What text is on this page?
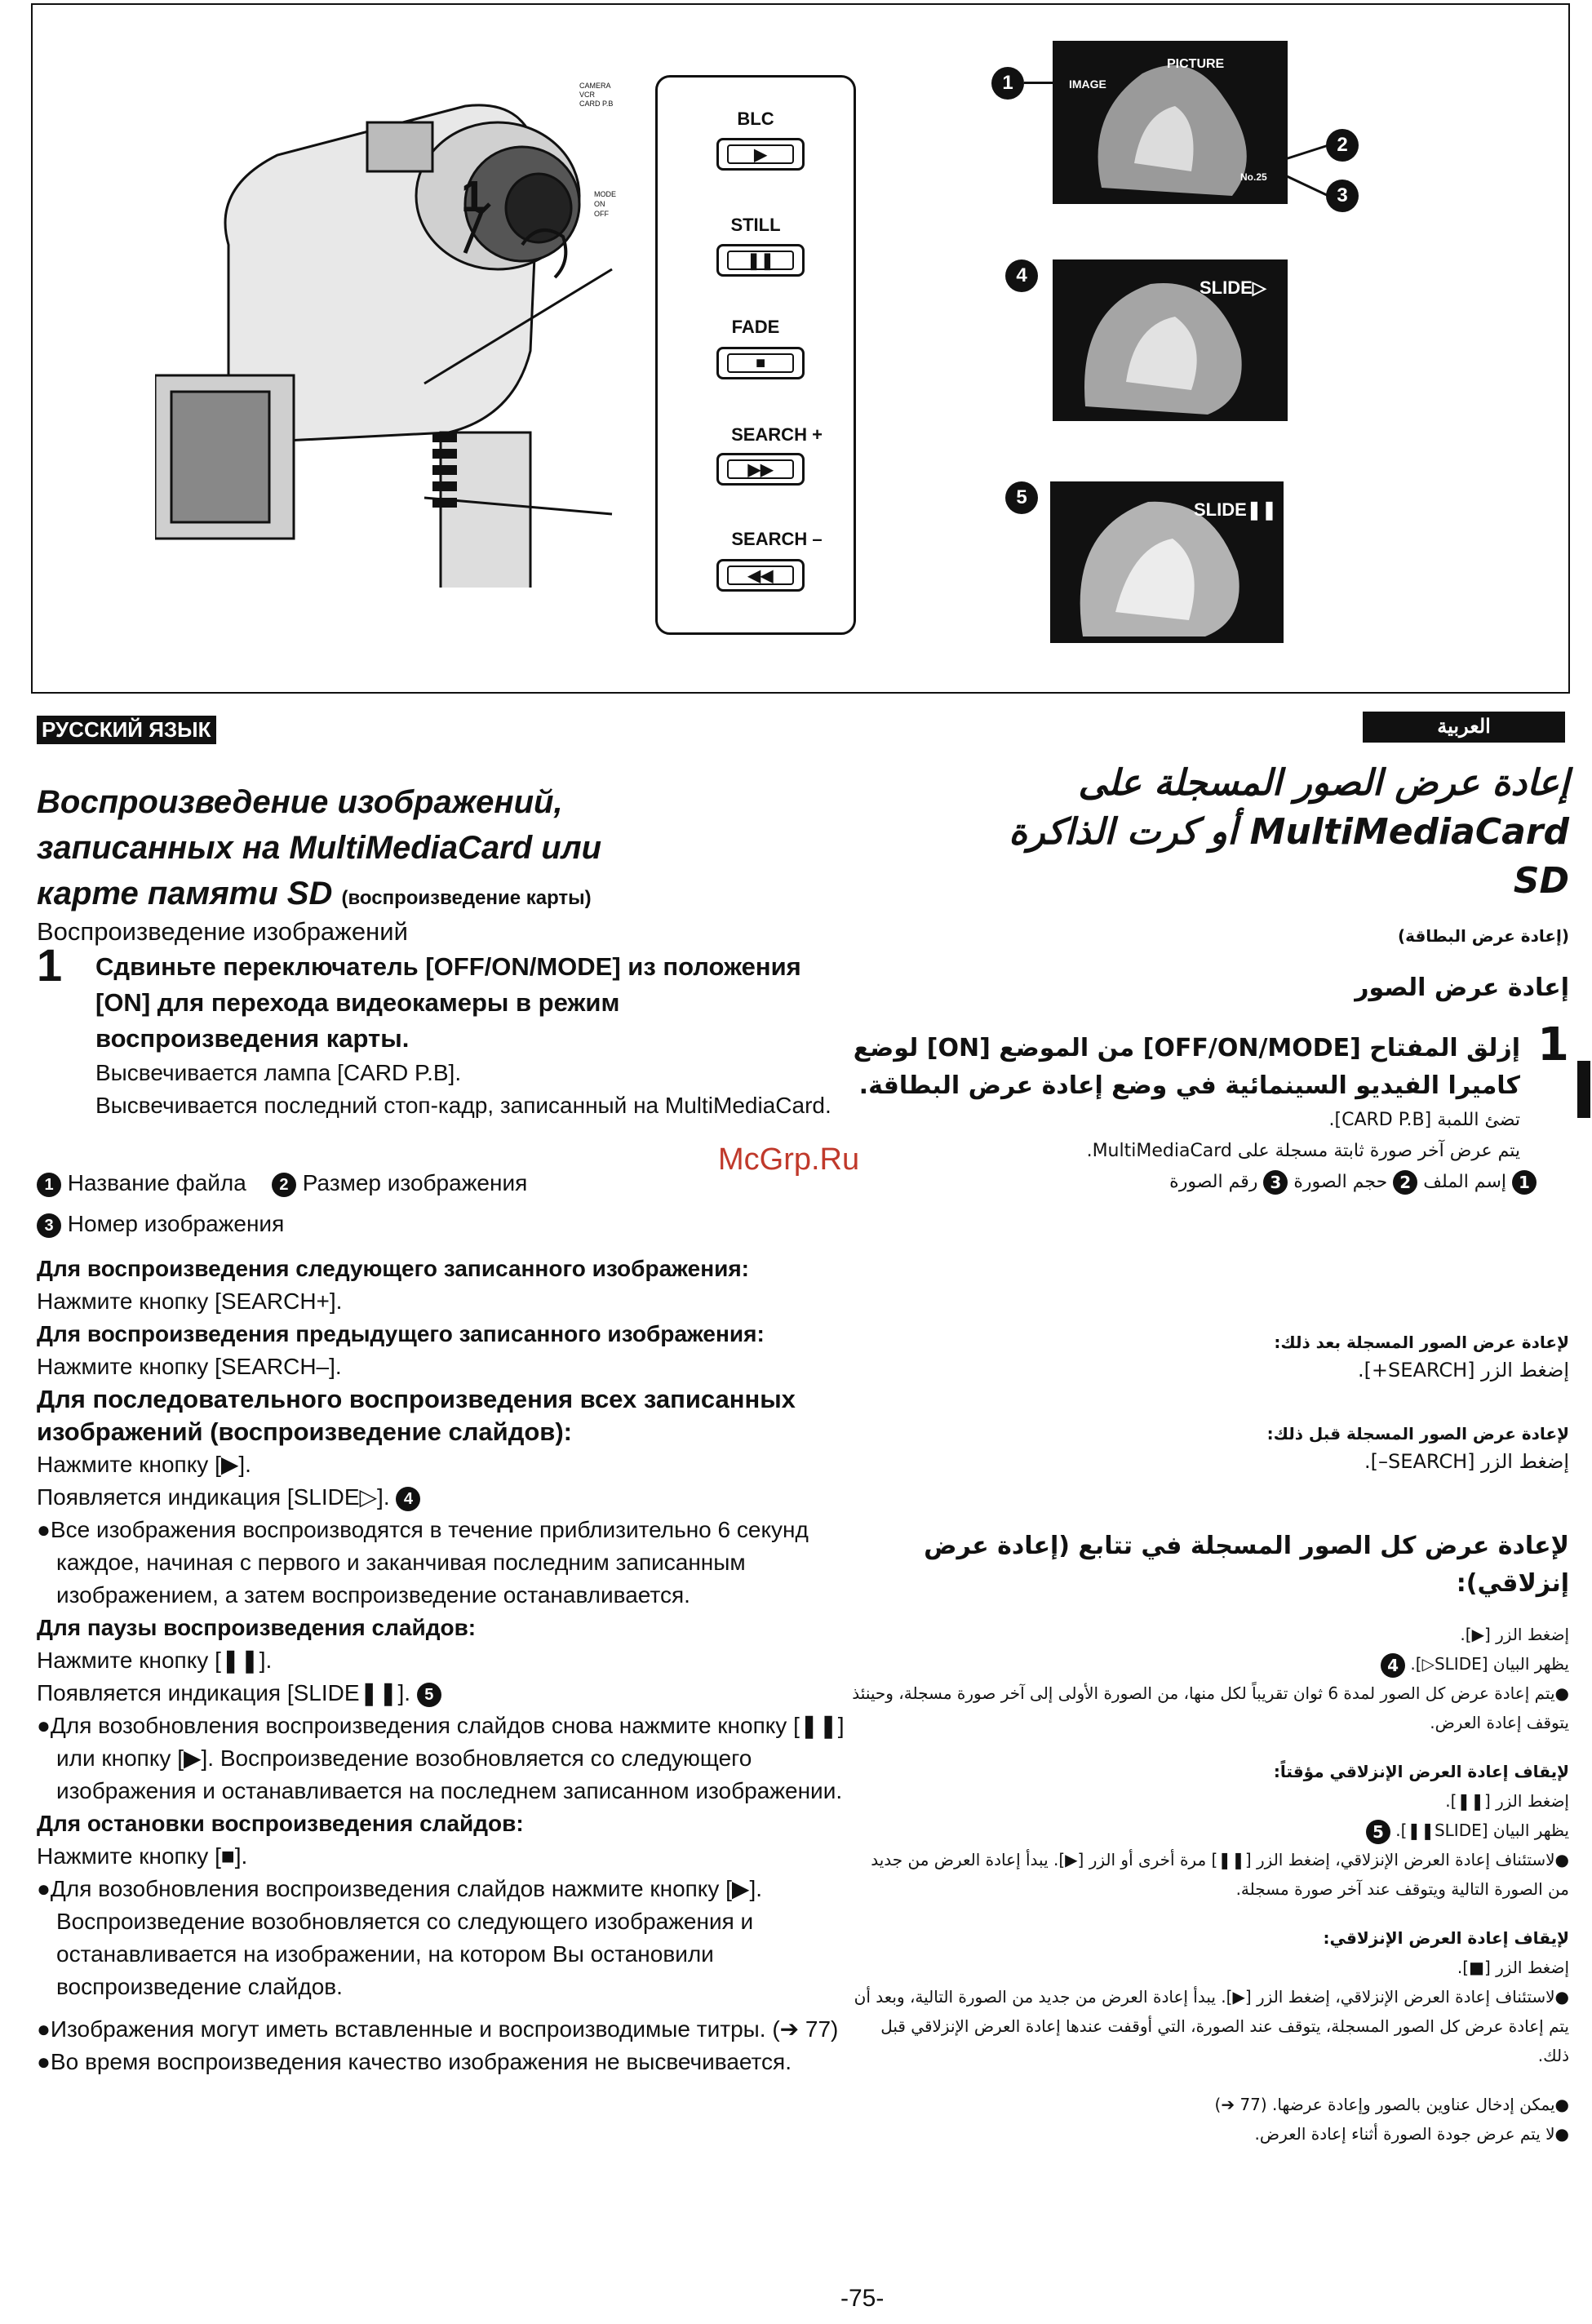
1
CAMERA
VCR
CARD P.B
MODE
ON
OFF
BLC
▶
STILL
❚❚
FADE
■
SEARCH +
▶▶
SEARCH –
◀◀
PICTURE
IMAGE
No.25
SLIDE▷
SLIDE❚❚
1
2
3
4
5
РУССКИЙ ЯЗЫК	العربية
Воспроизведение изображений,
записанных на MultiMediaCard или
карте памяти SD (воспроизведение карты)
Воспроизведение изображений
1 Сдвиньте переключатель [OFF/ON/MODE] из положения [ON] для перехода видеокамеры в режим воспроизведения карты.
Высвечивается лампа [CARD P.B].
Высвечивается последний стоп-кадр, записанный на MultiMediaCard.
1 Название файла 2 Размер изображения
3 Номер изображения
Для воспроизведения следующего записанного изображения:
Нажмите кнопку [SEARCH+].
Для воспроизведения предыдущего записанного изображения:
Нажмите кнопку [SEARCH–].
Для последовательного воспроизведения всех записанных изображений (воспроизведение слайдов):
Нажмите кнопку [▶].
Появляется индикация [SLIDE▷]. 4
●Все изображения воспроизводятся в течение приблизительно 6 секунд каждое, начиная с первого и заканчивая последним записанным изображением, а затем воспроизведение останавливается.
Для паузы воспроизведения слайдов:
Нажмите кнопку [❚❚].
Появляется индикация [SLIDE❚❚]. 5
●Для возобновления воспроизведения слайдов снова нажмите кнопку [❚❚] или кнопку [▶]. Воспроизведение возобновляется со следующего изображения и останавливается на последнем записанном изображении.
Для остановки воспроизведения слайдов:
Нажмите кнопку [■].
●Для возобновления воспроизведения слайдов нажмите кнопку [▶]. Воспроизведение возобновляется со следующего изображения и останавливается на изображении, на котором Вы остановили воспроизведение слайдов.
●Изображения могут иметь вставленные и воспроизводимые титры. (➔ 77)
●Во время воспроизведения качество изображения не высвечивается.
إعادة عرض الصور المسجلة على
MultiMediaCard أو كرت الذاكرة
SD
(إعادة عرض البطاقة)
إعادة عرض الصور
1
إزلق المفتاح [OFF/ON/MODE] من الموضع [ON] لوضع كاميرا الفيديو السينمائية في وضع إعادة عرض البطاقة.
تضئ اللمبة [CARD P.B].
يتم عرض آخر صورة ثابتة مسجلة على MultiMediaCard.
1 إسم الملف 2 حجم الصورة 3 رقم الصورة
لإعادة عرض الصور المسجلة بعد ذلك:
إضغط الزر [SEARCH+].
لإعادة عرض الصور المسجلة قبل ذلك:
إضغط الزر [SEARCH–].
لإعادة عرض كل الصور المسجلة في تتابع (إعادة عرض إنزلاقي):
إضغط الزر [▶].
يظهر البيان [SLIDE▷]. 4
●يتم إعادة عرض كل الصور لمدة 6 ثوان تقريباً لكل منها، من الصورة الأولى إلى آخر صورة مسجلة، وحينئذ يتوقف إعادة العرض.
لإيقاف إعادة العرض الإنزلاقي مؤقتاً:
إضغط الزر [❚❚].
يظهر البيان [SLIDE❚❚]. 5
●لاستئناف إعادة العرض الإنزلاقي، إضغط الزر [❚❚] مرة أخرى أو الزر [▶]. يبدأ إعادة العرض من جديد من الصورة التالية ويتوقف عند آخر صورة مسجلة.
لإيقاف إعادة العرض الإنزلاقي:
إضغط الزر [■].
●لاستئناف إعادة العرض الإنزلاقي، إضغط الزر [▶]. يبدأ إعادة العرض من جديد من الصورة التالية، وبعد أن يتم إعادة عرض كل الصور المسجلة، يتوقف عند الصورة، التي أوقفت عندها إعادة العرض الإنزلاقي قبل ذلك.
●يمكن إدخال عناوين بالصور وإعادة عرضها. (77 ➔)
●لا يتم عرض جودة الصورة أثناء إعادة العرض.
McGrp.Ru
-75-
